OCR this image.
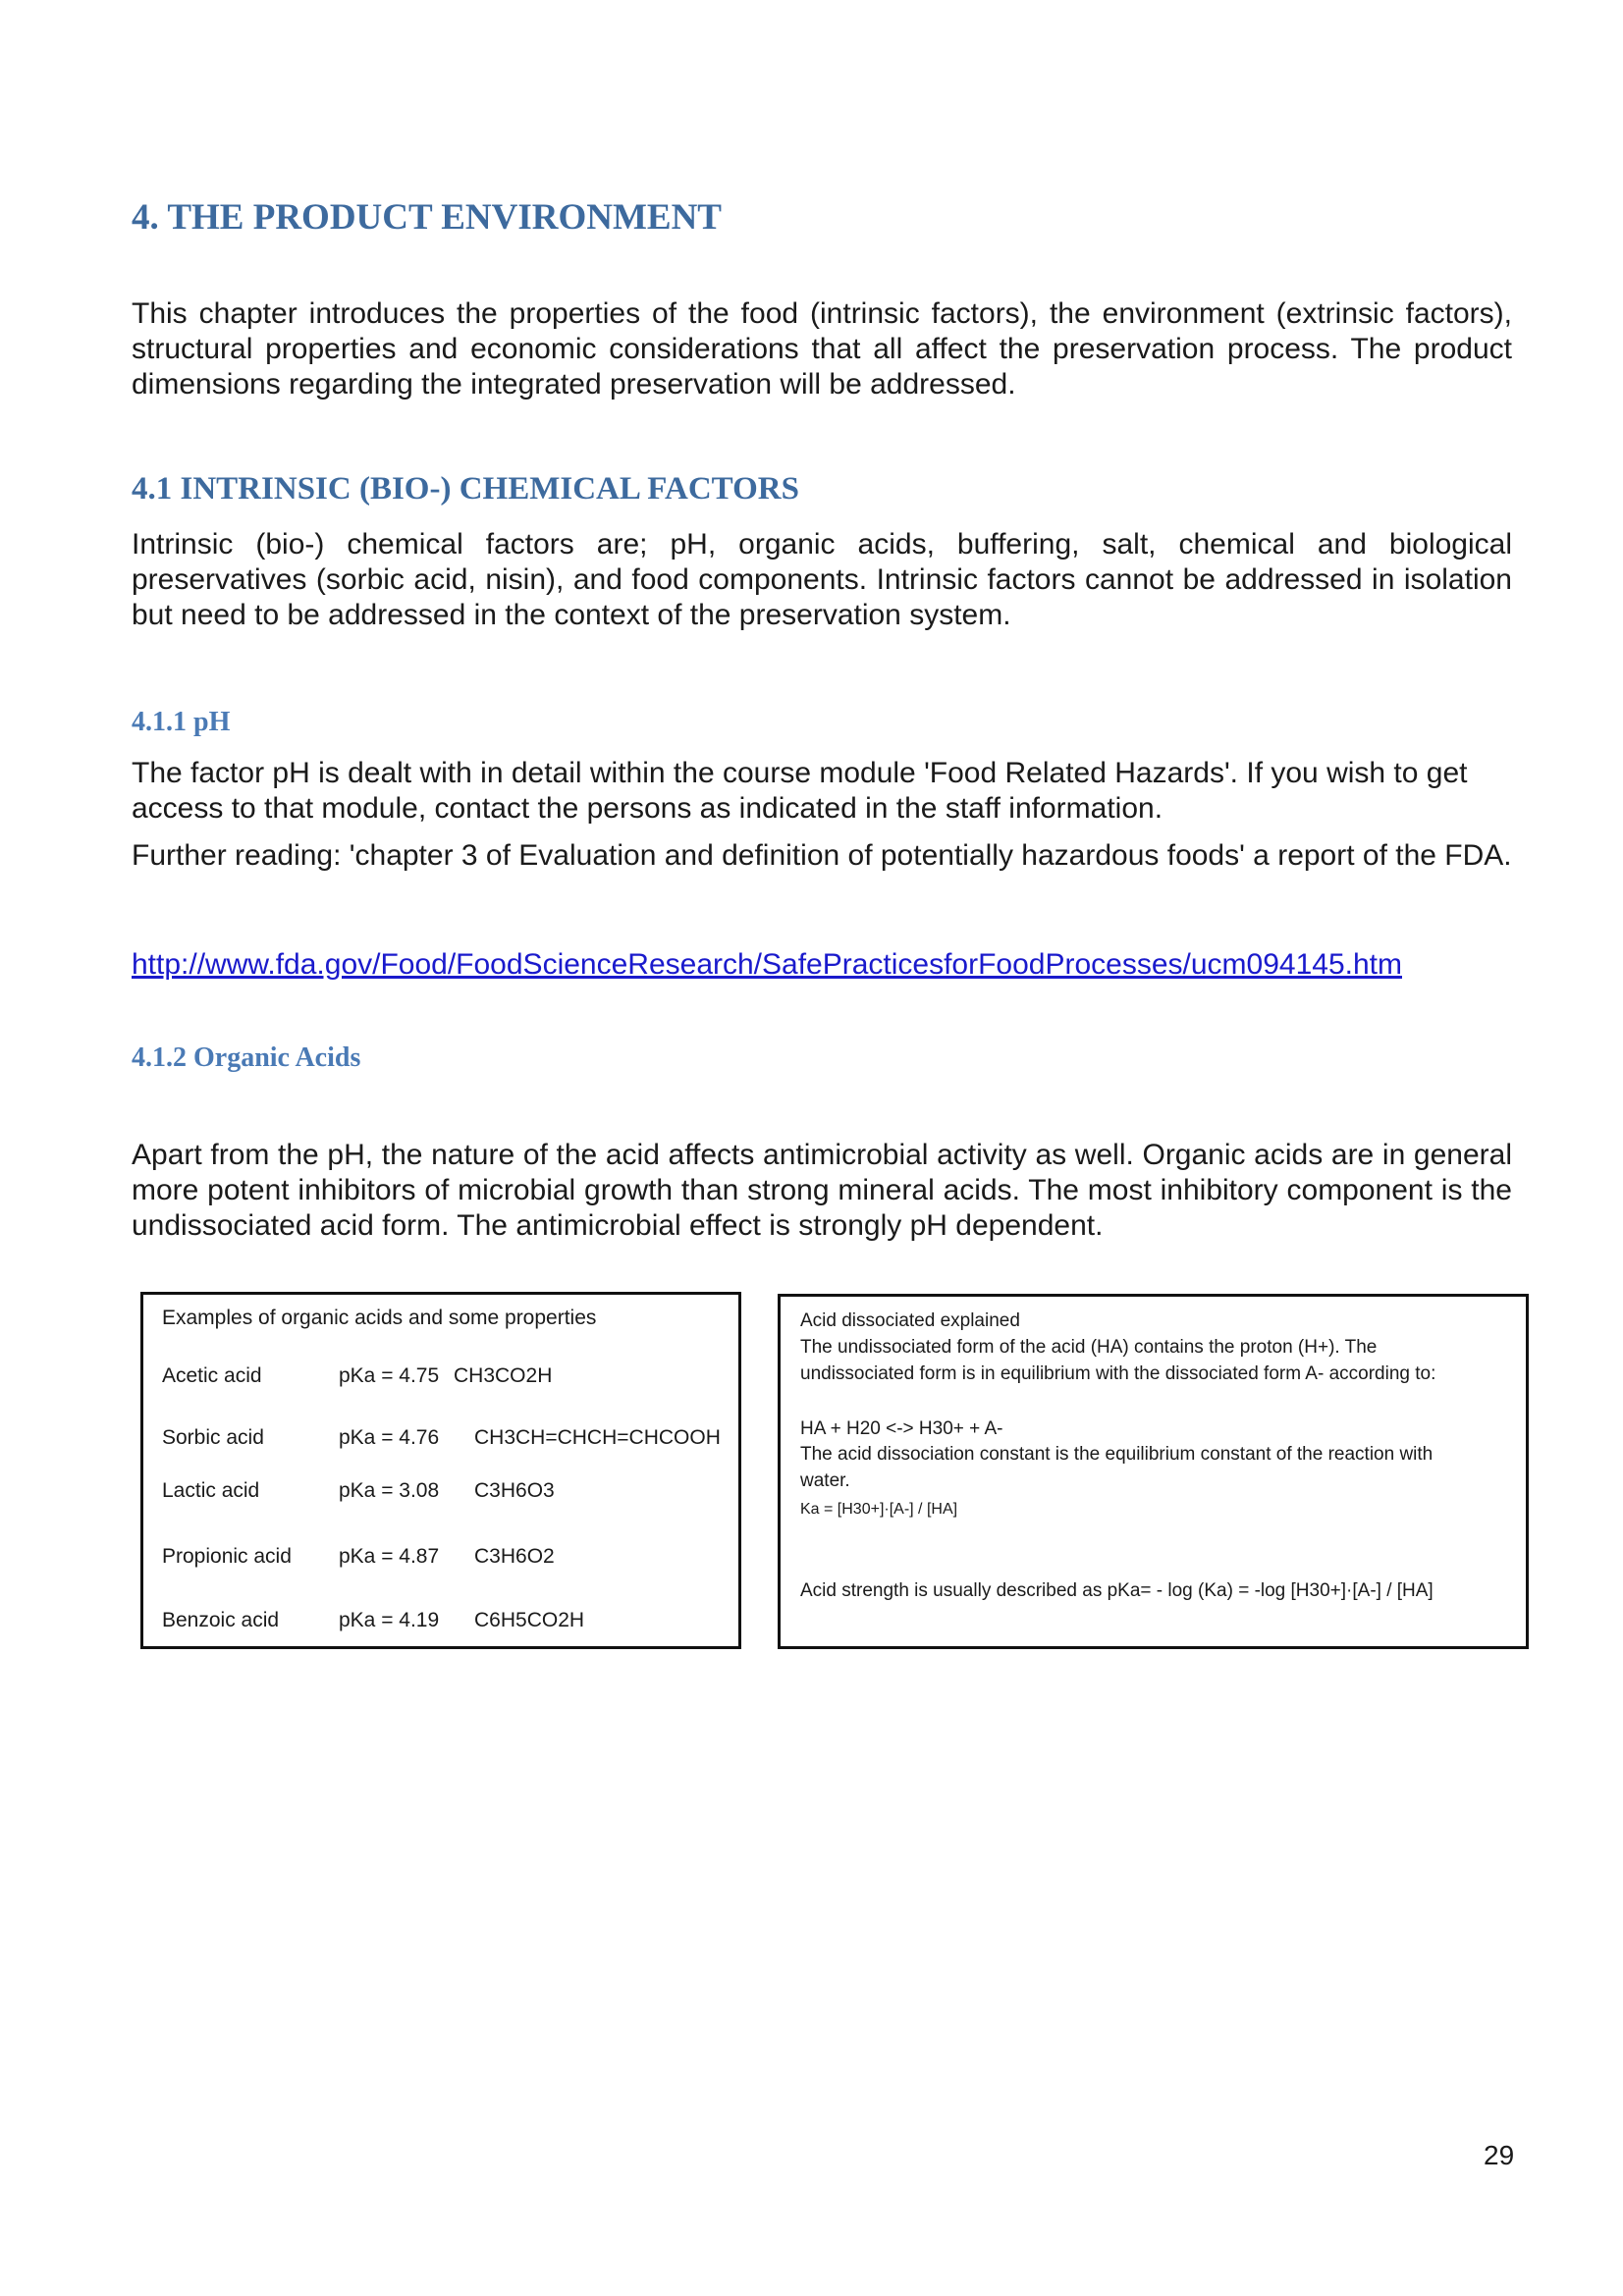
4. THE PRODUCT ENVIRONMENT

This chapter introduces the properties of the food (intrinsic factors), the environment (extrinsic factors), structural properties and economic considerations that all affect the preservation process. The product dimensions regarding the integrated preservation will be addressed.

4.1 INTRINSIC (BIO-) CHEMICAL FACTORS

Intrinsic (bio-) chemical factors are; pH, organic acids, buffering, salt, chemical and biological preservatives (sorbic acid, nisin), and food components. Intrinsic factors cannot be addressed in isolation but need to be addressed in the context of the preservation system.

4.1.1 pH

The factor pH is dealt with in detail within the course module 'Food Related Hazards'. If you wish to get access to that module, contact the persons as indicated in the staff information.

Further reading: 'chapter 3 of Evaluation and definition of potentially hazardous foods' a report of the FDA.

http://www.fda.gov/Food/FoodScienceResearch/SafePracticesforFoodProcesses/ucm094145.htm
4.1.2 Organic Acids

Apart from the pH, the nature of the acid affects antimicrobial activity as well. Organic acids are in general more potent inhibitors of microbial growth than strong mineral acids. The most inhibitory component is the undissociated acid form. The antimicrobial effect is strongly pH dependent.

Examples of organic acids and some properties
Acetic acid	pKa = 4.75 CH3CO2H
Sorbic acid	pKa = 4.76 CH3CH=CHCH=CHCOOH
Lactic acid	pKa = 3.08 C3H6O3
Propionic acid pKa = 4.87 C3H6O2
Benzoic acid	pKa = 4.19 C6H5CO2H
Acid dissociated explained
The undissociated form of the acid (HA) contains the proton (H+). The
undissociated form is in equilibrium with the dissociated form A- according to:
HA + H20 <-> H30+ + A-
The acid dissociation constant is the equilibrium constant of the reaction with
water.
Ka = [H30+]·[A-] / [HA]
Acid strength is usually described as pKa= - log (Ka) = -log [H30+]·[A-] / [HA]
29
